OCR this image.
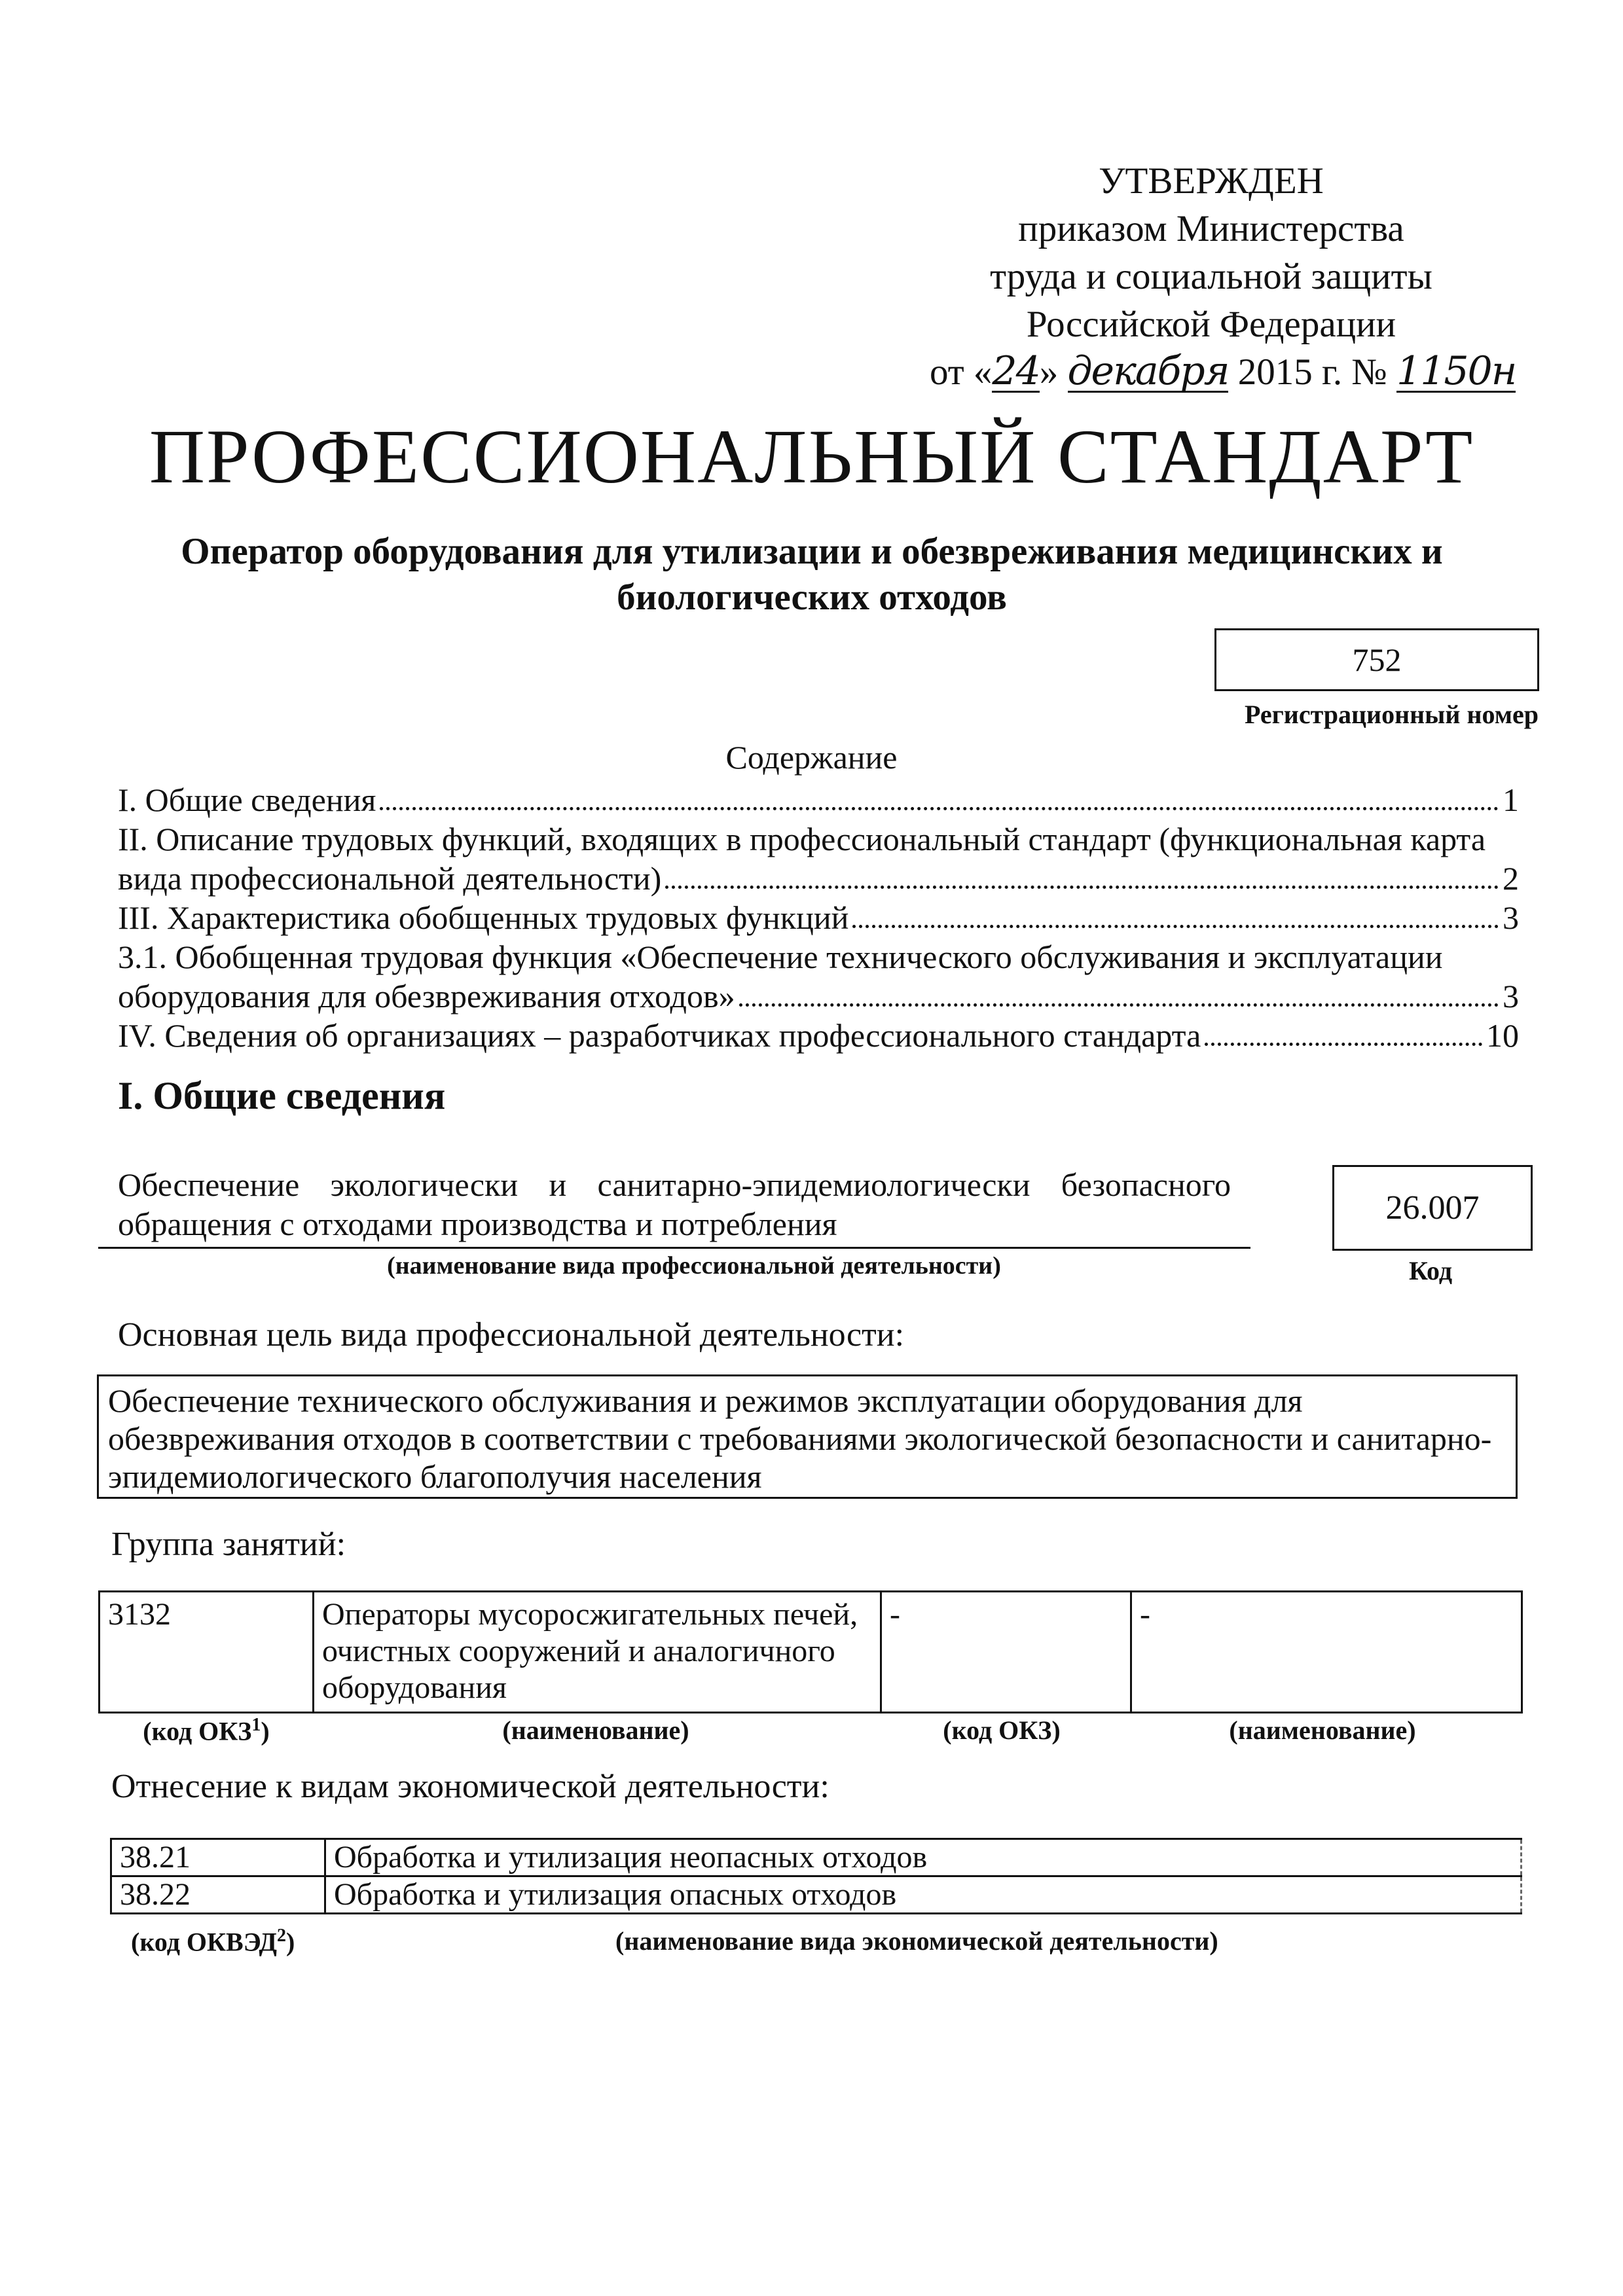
УТВЕРЖДЕН
приказом Министерства
труда и социальной защиты
Российской Федерации
от «24» декабря 2015 г. № 1150н
ПРОФЕССИОНАЛЬНЫЙ СТАНДАРТ
Оператор оборудования для утилизации и обезвреживания медицинских и
биологических отходов
752
Регистрационный номер
Содержание
I. Общие сведения	1
II. Описание трудовых функций, входящих в профессиональный стандарт (функциональная карта
вида профессиональной деятельности)	2
III. Характеристика обобщенных трудовых функций	3
3.1. Обобщенная трудовая функция «Обеспечение технического обслуживания и эксплуатации
оборудования для обезвреживания отходов»	3
IV. Сведения об организациях – разработчиках профессионального стандарта	10
I. Общие сведения
Обеспечение экологически и санитарно-эпидемиологически безопасного обращения с отходами производства и потребления
(наименование вида профессиональной деятельности)
26.007
Код
Основная цель вида профессиональной деятельности:
Обеспечение технического обслуживания и режимов эксплуатации оборудования для обезвреживания отходов в соответствии с требованиями экологической безопасности и санитарно-эпидемиологического благополучия населения
Группа занятий:
3132	Операторы мусоросжигательных печей, очистных сооружений и аналогичного оборудования	-	-
(код ОКЗ$^1$)	(наименование)	(код ОКЗ)	(наименование)
Отнесение к видам экономической деятельности:
38.21	Обработка и утилизация неопасных отходов
38.22	Обработка и утилизация опасных отходов
(код ОКВЭД$^2$)	(наименование вида экономической деятельности)
